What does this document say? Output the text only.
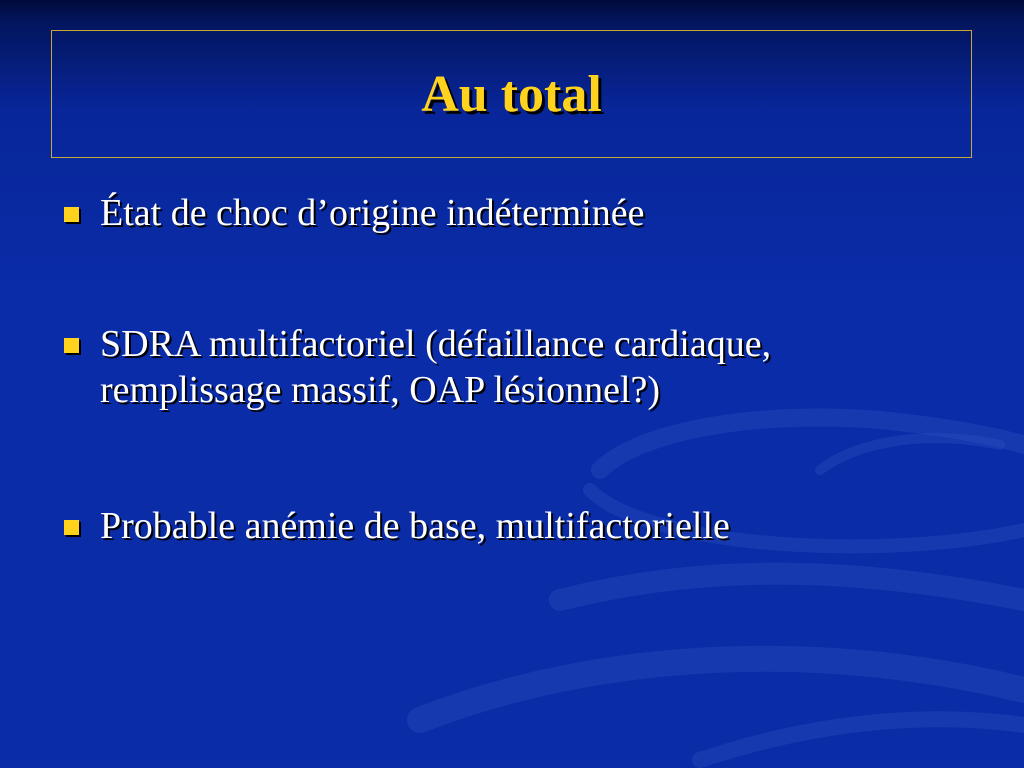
Au total
État de choc d’origine indéterminée
SDRA multifactoriel (défaillance cardiaque, remplissage massif, OAP lésionnel?)
Probable anémie de base, multifactorielle
